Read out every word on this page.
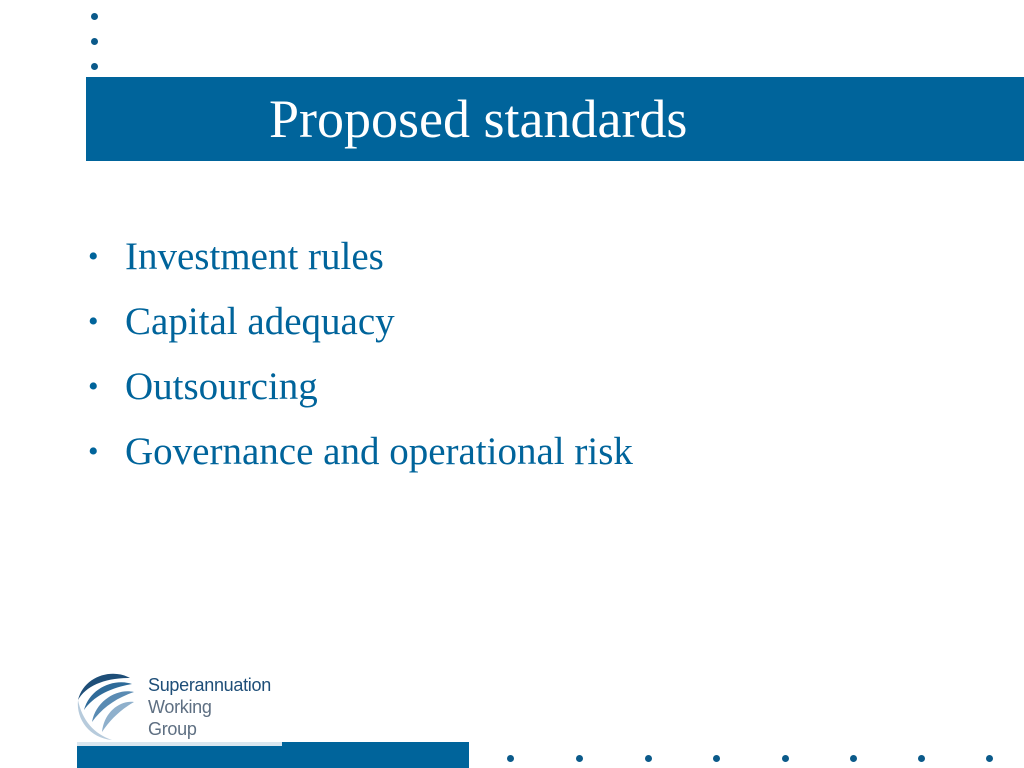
Proposed standards
• Investment rules
• Capital adequacy
• Outsourcing
• Governance and operational risk
Superannuation
Working
Group
